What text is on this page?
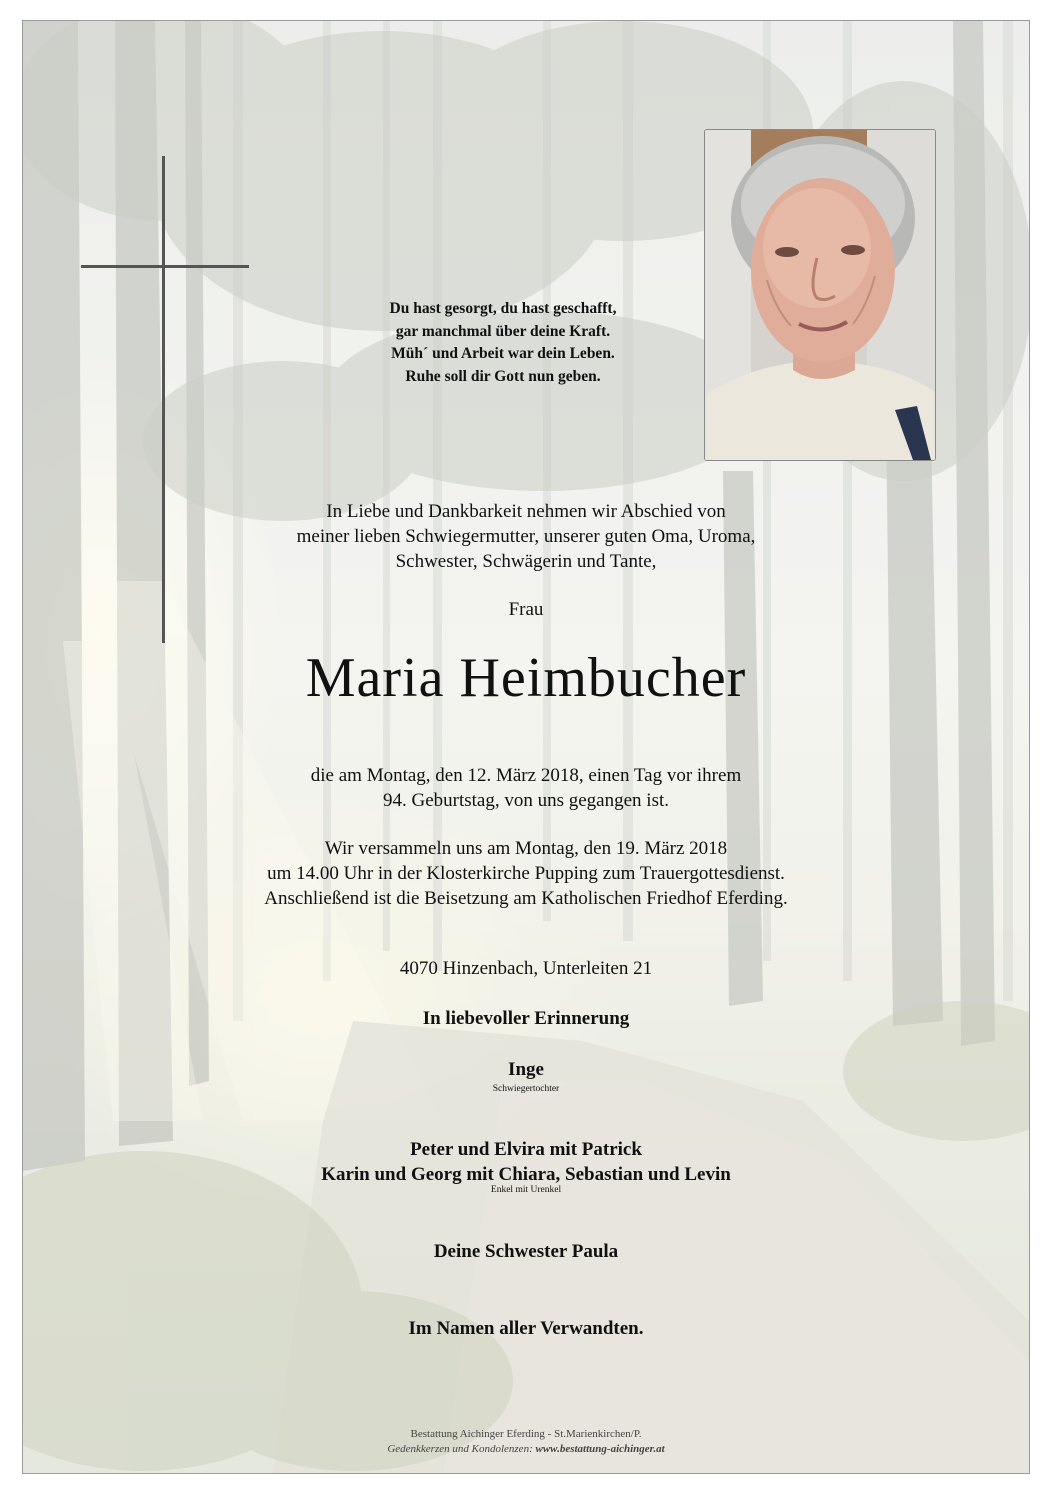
Du hast gesorgt, du hast geschafft,
gar manchmal über deine Kraft.
Müh´ und Arbeit war dein Leben.
Ruhe soll dir Gott nun geben.
In Liebe und Dankbarkeit nehmen wir Abschied von
meiner lieben Schwiegermutter, unserer guten Oma, Uroma,
Schwester, Schwägerin und Tante,
Frau
Maria Heimbucher
die am Montag, den 12. März 2018, einen Tag vor ihrem
94. Geburtstag, von uns gegangen ist.
Wir versammeln uns am Montag, den 19. März 2018
um 14.00 Uhr in der Klosterkirche Pupping zum Trauergottesdienst.
Anschließend ist die Beisetzung am Katholischen Friedhof Eferding.
4070 Hinzenbach, Unterleiten 21
In liebevoller Erinnerung
Inge
Schwiegertochter
Peter und Elvira mit Patrick
Karin und Georg mit Chiara, Sebastian und Levin
Enkel mit Urenkel
Deine Schwester Paula
Im Namen aller Verwandten.
Bestattung Aichinger Eferding - St.Marienkirchen/P.
Gedenkkerzen und Kondolenzen: www.bestattung-aichinger.at
